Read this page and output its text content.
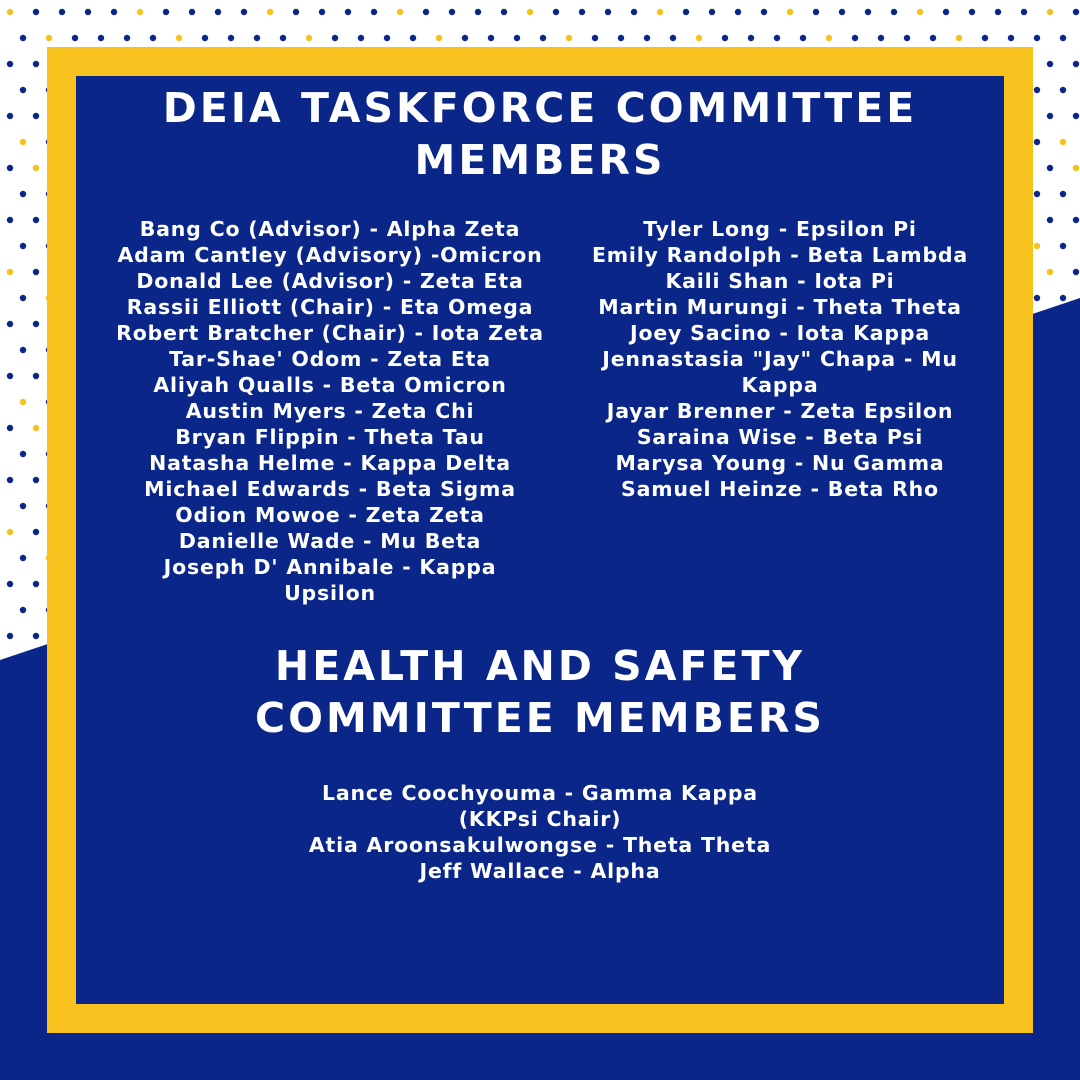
DEIA TASKFORCE COMMITTEE
MEMBERS
Bang Co (Advisor) - Alpha Zeta
Adam Cantley (Advisory) -Omicron
Donald Lee (Advisor) - Zeta Eta
Rassii Elliott (Chair) - Eta Omega
Robert Bratcher (Chair) - Iota Zeta
Tar-Shae' Odom - Zeta Eta
Aliyah Qualls - Beta Omicron
Austin Myers - Zeta Chi
Bryan Flippin - Theta Tau
Natasha Helme - Kappa Delta
Michael Edwards - Beta Sigma
Odion Mowoe - Zeta Zeta
Danielle Wade - Mu Beta
Joseph D' Annibale - Kappa
Upsilon
Tyler Long - Epsilon Pi
Emily Randolph - Beta Lambda
Kaili Shan - Iota Pi
Martin Murungi - Theta Theta
Joey Sacino - Iota Kappa
Jennastasia "Jay" Chapa - Mu
Kappa
Jayar Brenner - Zeta Epsilon
Saraina Wise - Beta Psi
Marysa Young - Nu Gamma
Samuel Heinze - Beta Rho
HEALTH AND SAFETY
COMMITTEE MEMBERS
Lance Coochyouma - Gamma Kappa
(KKPsi Chair)
Atia Aroonsakulwongse - Theta Theta
Jeff Wallace - Alpha
